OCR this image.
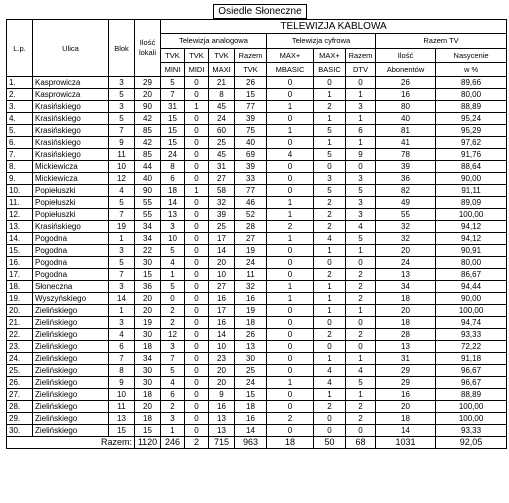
Osiedle Słoneczne
L.p.	Ulica	Blok	Ilość lokali	TELEWIZJA KABLOWA								
				Telewizja analogowa				Telewizja cyfrowa			Razem TV	
				TVK	TVK	TVK	Razem	MAX+	MAX+	Razem	Ilość	Nasycenie
				MINI	MIDI	MAXI	TVK	MBASIC	BASIC	DTV	Abonentów	w %
1.	Kasprowicza	3	29	5	0	21	26	0	0	0	26	89,66
2.	Kasprowicza	5	20	7	0	8	15	0	1	1	16	80,00
3.	Krasińskiego	3	90	31	1	45	77	1	2	3	80	88,89
4.	Krasińskiego	5	42	15	0	24	39	0	1	1	40	95,24
5.	Krasińskiego	7	85	15	0	60	75	1	5	6	81	95,29
6.	Krasińskiego	9	42	15	0	25	40	0	1	1	41	97,62
7.	Krasińskiego	11	85	24	0	45	69	4	5	9	78	91,76
8.	Mickiewicza	10	44	8	0	31	39	0	0	0	39	88,64
9.	Mickiewicza	12	40	6	0	27	33	0	3	3	36	90,00
10.	Popiełuszki	4	90	18	1	58	77	0	5	5	82	91,11
11.	Popiełuszki	5	55	14	0	32	46	1	2	3	49	89,09
12.	Popiełuszki	7	55	13	0	39	52	1	2	3	55	100,00
13.	Krasińskiego	19	34	3	0	25	28	2	2	4	32	94,12
14.	Pogodna	1	34	10	0	17	27	1	4	5	32	94,12
15.	Pogodna	3	22	5	0	14	19	0	1	1	20	90,91
16.	Pogodna	5	30	4	0	20	24	0	0	0	24	80,00
17.	Pogodna	7	15	1	0	10	11	0	2	2	13	86,67
18.	Słoneczna	3	36	5	0	27	32	1	1	2	34	94,44
19.	Wyszyńskiego	14	20	0	0	16	16	1	1	2	18	90,00
20.	Zielińskiego	1	20	2	0	17	19	0	1	1	20	100,00
21.	Zielińskiego	3	19	2	0	16	18	0	0	0	18	94,74
22.	Zielińskiego	4	30	12	0	14	26	0	2	2	28	93,33
23.	Zielińskiego	6	18	3	0	10	13	0	0	0	13	72,22
24.	Zielińskiego	7	34	7	0	23	30	0	1	1	31	91,18
25.	Zielińskiego	8	30	5	0	20	25	0	4	4	29	96,67
26.	Zielińskiego	9	30	4	0	20	24	1	4	5	29	96,67
27.	Zielińskiego	10	18	6	0	9	15	0	1	1	16	88,89
28.	Zielińskiego	11	20	2	0	16	18	0	2	2	20	100,00
29.	Zielińskiego	13	18	3	0	13	16	2	0	2	18	100,00
30.	Zielińskiego	15	15	1	0	13	14	0	0	0	14	93,33
Razem:			1120	246	2	715	963	18	50	68	1031	92,05
